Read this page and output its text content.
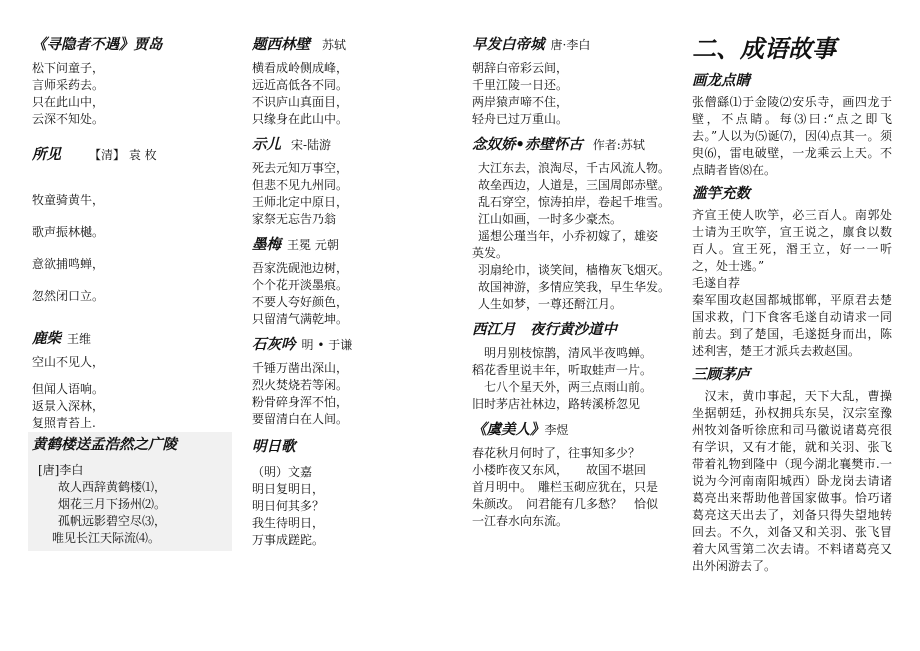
《寻隐者不遇》贾岛

松下问童子，

言师采药去。

只在此山中，

云深不知处。

所见 【清】 袁 枚

牧童骑黄牛，

歌声振林樾。

意欲捕鸣蝉，

忽然闭口立。

鹿柴 王维

空山不见人，

但闻人语响。

返景入深林，

复照青苔上.

黄鹤楼送孟浩然之广陵

[唐]李白

故人西辞黄鹤楼⑴，

烟花三月下扬州⑵。

孤帆远影碧空尽⑶，

唯见长江天际流⑷。

题西林壁 苏轼

横看成岭侧成峰，

远近高低各不同。

不识庐山真面目，

只缘身在此山中。

示儿 宋-陆游

死去元知万事空，

但悲不见九州同。

王师北定中原日，

家祭无忘告乃翁

墨梅 王冕 元朝

吾家洗砚池边树，

个个花开淡墨痕。

不要人夸好颜色，

只留清气满乾坤。

石灰吟 明 • 于谦

千锤万凿出深山，

烈火焚烧若等闲。

粉骨碎身浑不怕，

要留清白在人间。

明日歌

（明）文嘉

明日复明日，

明日何其多？

我生待明日，

万事成蹉跎。

早发白帝城 唐·李白

朝辞白帝彩云间，

千里江陵一日还。

两岸猿声啼不住，

轻舟已过万重山。

念奴娇•赤壁怀古 作者:苏轼

大江东去，浪淘尽，千古风流人物。

故垒西边，人道是，三国周郎赤壁。

乱石穿空，惊涛拍岸，卷起千堆雪。

江山如画，一时多少豪杰。

遥想公瑾当年，小乔初嫁了，雄姿

英发。

羽扇纶巾，谈笑间，樯橹灰飞烟灭。

故国神游，多情应笑我，早生华发。

人生如梦，一尊还酹江月。

西江月　夜行黄沙道中

　明月别枝惊鹊，清风半夜鸣蝉。

稻花香里说丰年，听取蛙声一片。

　七八个星天外，两三点雨山前。

旧时茅店社林边，路转溪桥忽见

《虞美人》李煜

春花秋月何时了，往事知多少？

小楼昨夜又东风，　　故国不堪回

首月明中。　雕栏玉砌应犹在，只是

朱颜改。　问君能有几多愁？　恰似

一江春水向东流。

二、成语故事

画龙点睛

张僧繇⑴于金陵⑵安乐寺，画四龙于壁，不点睛。每⑶曰:“点之即飞去。”人以为⑸诞⑺，因⑷点其一。须臾⑹，雷电破壁，一龙乘云上天。不点睛者皆⑻在。

滥竽充数

齐宣王使人吹竽，必三百人。南郭处士请为王吹竽，宣王说之，廪食以数百人。宣王死，湣王立，好一一听之，处士逃。”

毛遂自荐

秦军围攻赵国都城邯郸，平原君去楚国求救，门下食客毛遂自动请求一同前去。到了楚国，毛遂挺身而出，陈述利害，楚王才派兵去救赵国。

三顾茅庐

　汉末，黄巾事起，天下大乱，曹操坐据朝廷，孙权拥兵东吴，汉宗室豫州牧刘备听徐庶和司马徽说诸葛亮很有学识，又有才能，就和关羽、张飞带着礼物到隆中（现今湖北襄樊市.一说为今河南南阳城西）卧龙岗去请诸葛亮出来帮助他普国家做事。恰巧诸葛亮这天出去了，刘备只得失望地转回去。不久，刘备又和关羽、张飞冒着大风雪第二次去请。不料诸葛亮又出外闲游去了。
